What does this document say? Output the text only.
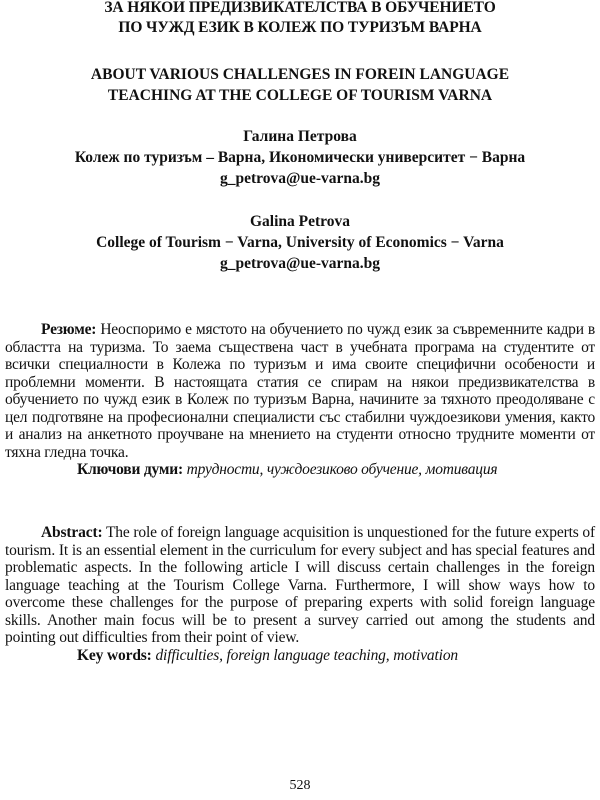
ЗА НЯКОИ ПРЕДИЗВИКАТЕЛСТВА В ОБУЧЕНИЕТО
ПО ЧУЖД ЕЗИК В КОЛЕЖ ПО ТУРИЗЪМ ВАРНА
ABOUT VARIOUS CHALLENGES IN FOREIN LANGUAGE
TEACHING AT THE COLLEGE OF TOURISM VARNA
Галина Петрова
Колеж по туризъм – Варна, Икономически университет − Варна
g_petrova@ue-varna.bg
Galina Petrova
College of Tourism − Varna, University of Economics − Varna
g_petrova@ue-varna.bg

Резюме: Неоспоримо е мястото на обучението по чужд език за съвременните кадри в областта на туризма. То заема съществена част в учебната програма на студентите от всички специалности в Колежа по туризъм и има своите специфични особености и проблемни моменти. В настоящата статия се спирам на някои предизвикателства в обучението по чужд език в Колеж по туризъм Варна, начините за тяхното преодоляване с цел подготвяне на професионални специалисти със стабилни чуждоезикови умения, както и анализ на анкетното проучване на мнението на студенти относно трудните моменти от тяхна гледна точка.

Ключови думи: трудности, чуждоезиково обучение, мотивация

Abstract: The role of foreign language acquisition is unquestioned for the future experts of tourism. It is an essential element in the curriculum for every subject and has special features and problematic aspects. In the following article I will discuss certain challenges in the foreign language teaching at the Tourism College Varna. Furthermore, I will show ways how to overcome these challenges for the purpose of preparing experts with solid foreign language skills. Another main focus will be to present a survey carried out among the students and pointing out difficulties from their point of view.

Key words: difficulties, foreign language teaching, motivation

528
